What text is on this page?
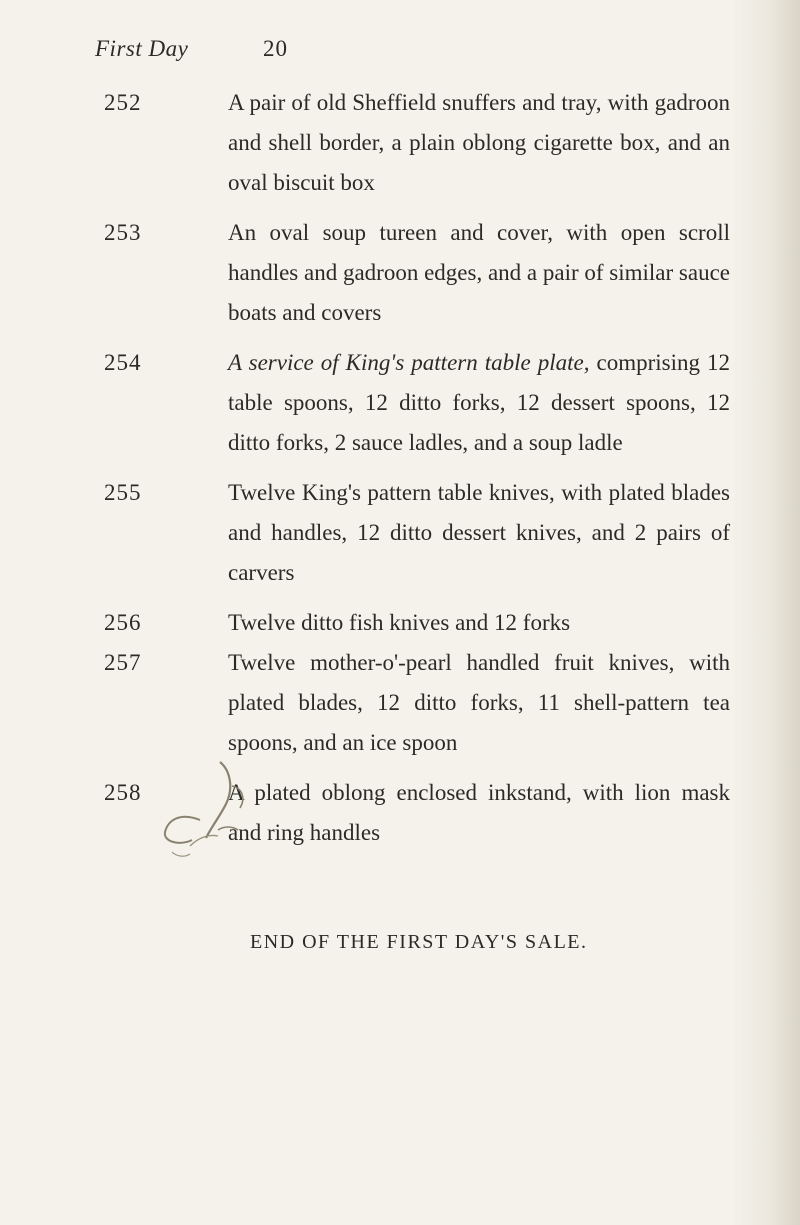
First Day	20
252	A pair of old Sheffield snuffers and tray, with gadroon and shell border, a plain oblong cigarette box, and an oval biscuit box
253	An oval soup tureen and cover, with open scroll handles and gadroon edges, and a pair of similar sauce boats and covers
254	A service of King's pattern table plate, comprising 12 table spoons, 12 ditto forks, 12 dessert spoons, 12 ditto forks, 2 sauce ladles, and a soup ladle
255	Twelve King's pattern table knives, with plated blades and handles, 12 ditto dessert knives, and 2 pairs of carvers
256	Twelve ditto fish knives and 12 forks
257	Twelve mother-o'-pearl handled fruit knives, with plated blades, 12 ditto forks, 11 shell-pattern tea spoons, and an ice spoon
258	A plated oblong enclosed inkstand, with lion mask and ring handles
END OF THE FIRST DAY'S SALE.
